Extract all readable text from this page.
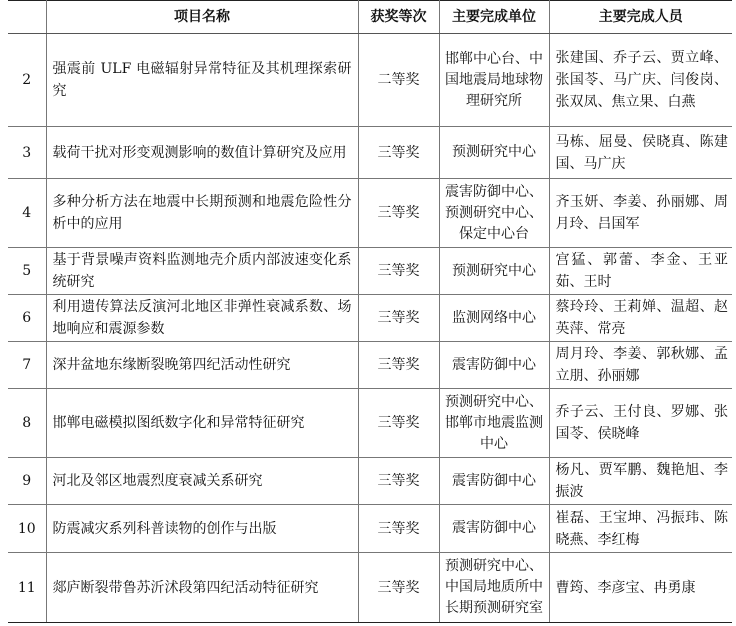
	项目名称	获奖等次	主要完成单位	主要完成人员
2	强震前 ULF 电磁辐射异常特征及其机理探索研究	二等奖	邯郸中心台、中国地震局地球物理研究所	张建国、乔子云、贾立峰、张国苓、马广庆、闫俊岗、张双凤、焦立果、白燕
3	载荷干扰对形变观测影响的数值计算研究及应用	三等奖	预测研究中心	马栋、屈曼、侯晓真、陈建国、马广庆
4	多种分析方法在地震中长期预测和地震危险性分析中的应用	三等奖	震害防御中心、预测研究中心、保定中心台	齐玉妍、李姜、孙丽娜、周月玲、吕国军
5	基于背景噪声资料监测地壳介质内部波速变化系统研究	三等奖	预测研究中心	宫猛、郭蕾、李金、王亚茹、王时
6	利用遗传算法反演河北地区非弹性衰减系数、场地响应和震源参数	三等奖	监测网络中心	蔡玲玲、王莉婵、温超、赵英萍、常亮
7	深井盆地东缘断裂晚第四纪活动性研究	三等奖	震害防御中心	周月玲、李姜、郭秋娜、孟立朋、孙丽娜
8	邯郸电磁模拟图纸数字化和异常特征研究	三等奖	预测研究中心、邯郸市地震监测中心	乔子云、王付良、罗娜、张国苓、侯晓峰
9	河北及邻区地震烈度衰减关系研究	三等奖	震害防御中心	杨凡、贾军鹏、魏艳旭、李振波
10	防震减灾系列科普读物的创作与出版	三等奖	震害防御中心	崔磊、王宝坤、冯振玮、陈晓燕、李红梅
11	郯庐断裂带鲁苏沂沭段第四纪活动特征研究	三等奖	预测研究中心、中国局地质所中长期预测研究室	曹筠、李彦宝、冉勇康
